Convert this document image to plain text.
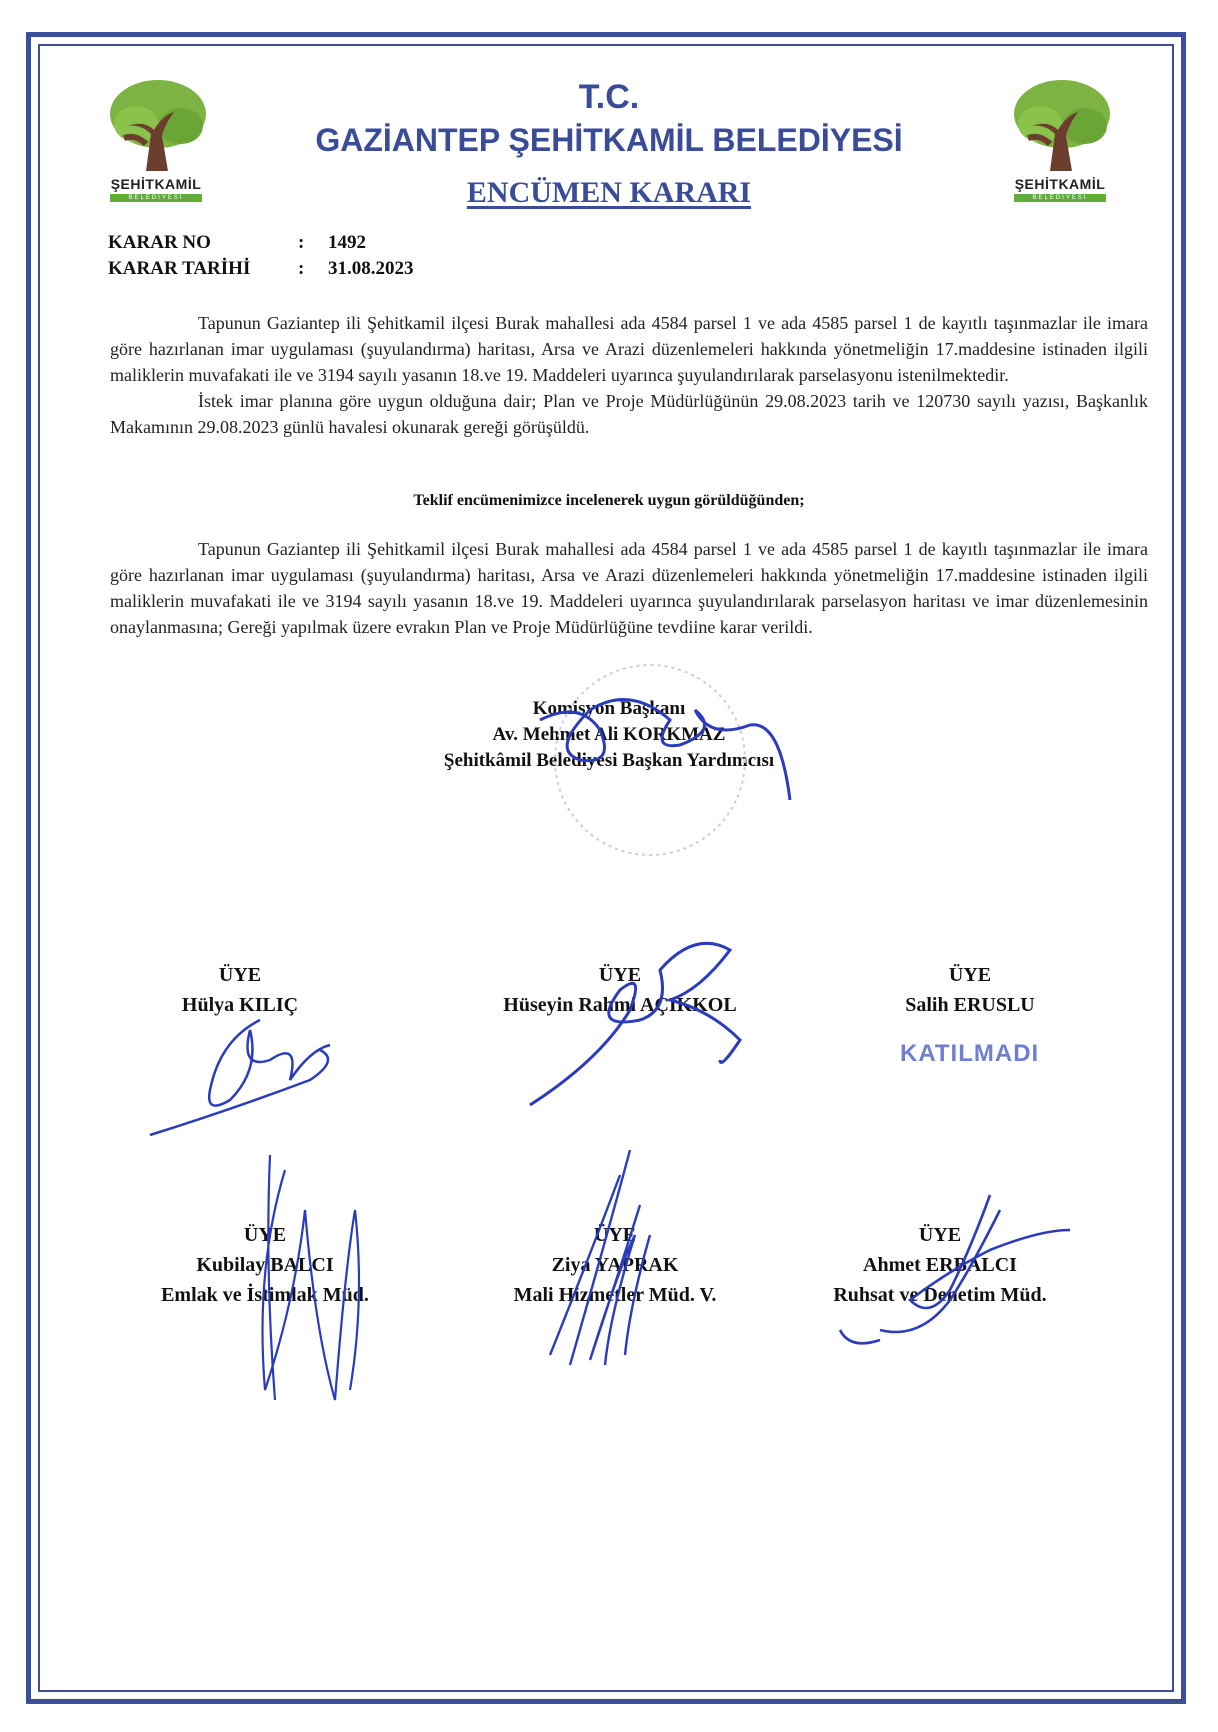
ŞEHİTKAMİL
BELEDİYESİ
ŞEHİTKAMİL
BELEDİYESİ
T.C.
GAZİANTEP ŞEHİTKAMİL BELEDİYESİ
ENCÜMEN KARARI
KARAR NO	: 1492
KARAR TARİHİ	: 31.08.2023

Tapunun Gaziantep ili Şehitkamil ilçesi Burak mahallesi ada 4584 parsel 1 ve ada 4585 parsel 1 de kayıtlı taşınmazlar ile imara göre hazırlanan imar uygulaması (şuyulandırma) haritası, Arsa ve Arazi düzenlemeleri hakkında yönetmeliğin 17.maddesine istinaden ilgili maliklerin muvafakati ile ve 3194 sayılı yasanın 18.ve 19. Maddeleri uyarınca şuyulandırılarak parselasyonu istenilmektedir.

İstek imar planına göre uygun olduğuna dair; Plan ve Proje Müdürlüğünün 29.08.2023 tarih ve 120730 sayılı yazısı, Başkanlık Makamının 29.08.2023 günlü havalesi okunarak gereği görüşüldü.

Teklif encümenimizce incelenerek uygun görüldüğünden;

Tapunun Gaziantep ili Şehitkamil ilçesi Burak mahallesi ada 4584 parsel 1 ve ada 4585 parsel 1 de kayıtlı taşınmazlar ile imara göre hazırlanan imar uygulaması (şuyulandırma) haritası, Arsa ve Arazi düzenlemeleri hakkında yönetmeliğin 17.maddesine istinaden ilgili maliklerin muvafakati ile ve 3194 sayılı yasanın 18.ve 19. Maddeleri uyarınca şuyulandırılarak parselasyon haritası ve imar düzenlemesinin onaylanmasına; Gereği yapılmak üzere evrakın Plan ve Proje Müdürlüğüne tevdiine karar verildi.

Komisyon Başkanı
Av. Mehmet Ali KORKMAZ
Şehitkâmil Belediyesi Başkan Yardımcısı
ÜYE
Hülya KILIÇ
ÜYE
Hüseyin Rahmi AÇIKKOL
ÜYE
Salih ERUSLU
KATILMADI
ÜYE
Kubilay BALCI
Emlak ve İstimlak Müd.
ÜYE
Ziya YAPRAK
Mali Hizmetler Müd. V.
ÜYE
Ahmet ERBALCI
Ruhsat ve Denetim Müd.
